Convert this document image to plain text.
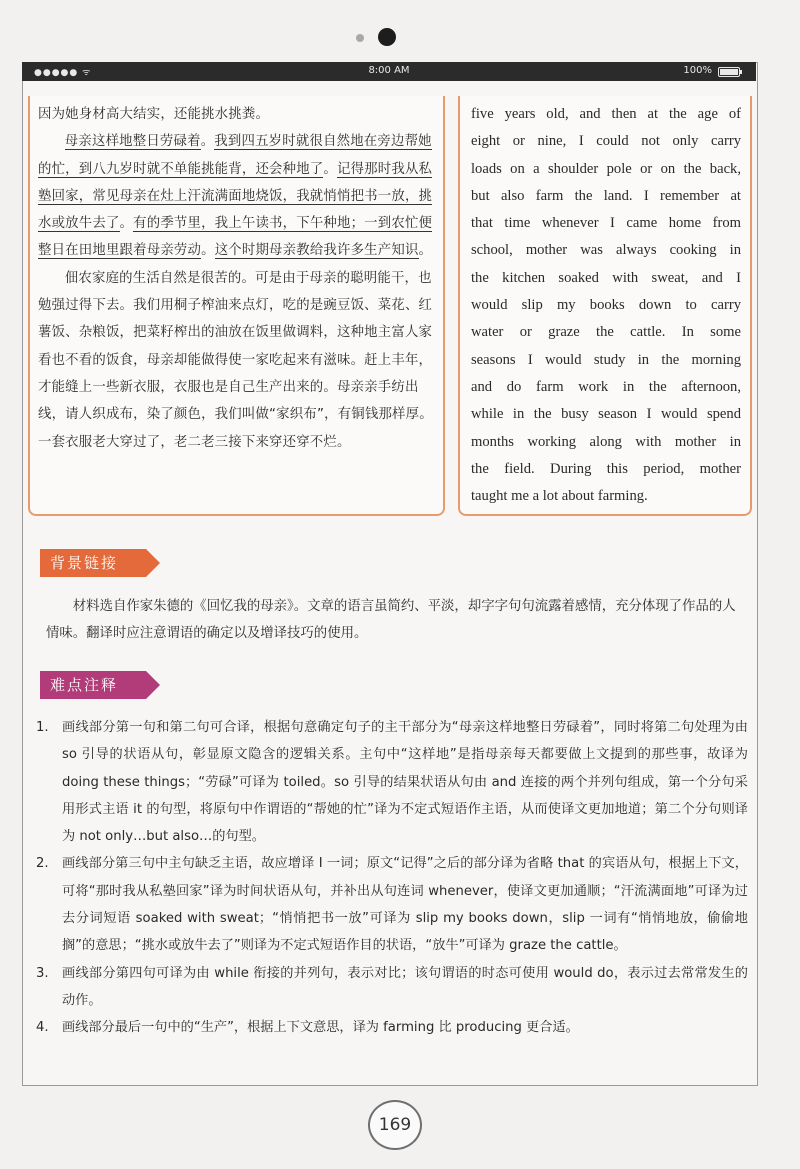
●●●●● ᯤ	8:00 AM	100%

因为她身材高大结实，还能挑水挑粪。

母亲这样地整日劳碌着。我到四五岁时就很自然地在旁边帮她的忙，到八九岁时就不单能挑能背，还会种地了。记得那时我从私塾回家，常见母亲在灶上汗流满面地烧饭，我就悄悄把书一放，挑水或放牛去了。有的季节里，我上午读书，下午种地；一到农忙便整日在田地里跟着母亲劳动。这个时期母亲教给我许多生产知识。

佃农家庭的生活自然是很苦的。可是由于母亲的聪明能干，也勉强过得下去。我们用桐子榨油来点灯，吃的是豌豆饭、菜花、红薯饭、杂粮饭，把菜籽榨出的油放在饭里做调料，这种地主富人家看也不看的饭食，母亲却能做得使一家吃起来有滋味。赶上丰年，才能缝上一些新衣服，衣服也是自己生产出来的。母亲亲手纺出线，请人织成布，染了颜色，我们叫做“家织布”，有铜钱那样厚。一套衣服老大穿过了，老二老三接下来穿还穿不烂。

five years old, and then at the age of
eight or nine, I could not only carry
loads on a shoulder pole or on the back,
but also farm the land. I remember at
that time whenever I came home from
school, mother was always cooking in
the kitchen soaked with sweat, and I
would slip my books down to carry
water or graze the cattle. In some
seasons I would study in the morning
and do farm work in the afternoon,
while in the busy season I would spend
months working along with mother in
the field. During this period, mother
taught me a lot about farming.
背景链接
材料选自作家朱德的《回忆我的母亲》。文章的语言虽简约、平淡，却字字句句流露着感情，充分体现了作品的人情味。翻译时应注意谓语的确定以及增译技巧的使用。
难点注释
1.	画线部分第一句和第二句可合译，根据句意确定句子的主干部分为“母亲这样地整日劳碌着”，同时将第二句处理为由 so 引导的状语从句，彰显原文隐含的逻辑关系。主句中“这样地”是指母亲每天都要做上文提到的那些事，故译为 doing these things；“劳碌”可译为 toiled。so 引导的结果状语从句由 and 连接的两个并列句组成，第一个分句采用形式主语 it 的句型，将原句中作谓语的“帮她的忙”译为不定式短语作主语，从而使译文更加地道；第二个分句则译为 not only…but also…的句型。
2.	画线部分第三句中主句缺乏主语，故应增译 I 一词；原文“记得”之后的部分译为省略 that 的宾语从句，根据上下文，可将“那时我从私塾回家”译为时间状语从句，并补出从句连词 whenever，使译文更加通顺；“汗流满面地”可译为过去分词短语 soaked with sweat；“悄悄把书一放”可译为 slip my books down，slip 一词有“悄悄地放，偷偷地搁”的意思；“挑水或放牛去了”则译为不定式短语作目的状语，“放牛”可译为 graze the cattle。
3.	画线部分第四句可译为由 while 衔接的并列句，表示对比；该句谓语的时态可使用 would do，表示过去常常发生的动作。
4.	画线部分最后一句中的“生产”，根据上下文意思，译为 farming 比 producing 更合适。
169
